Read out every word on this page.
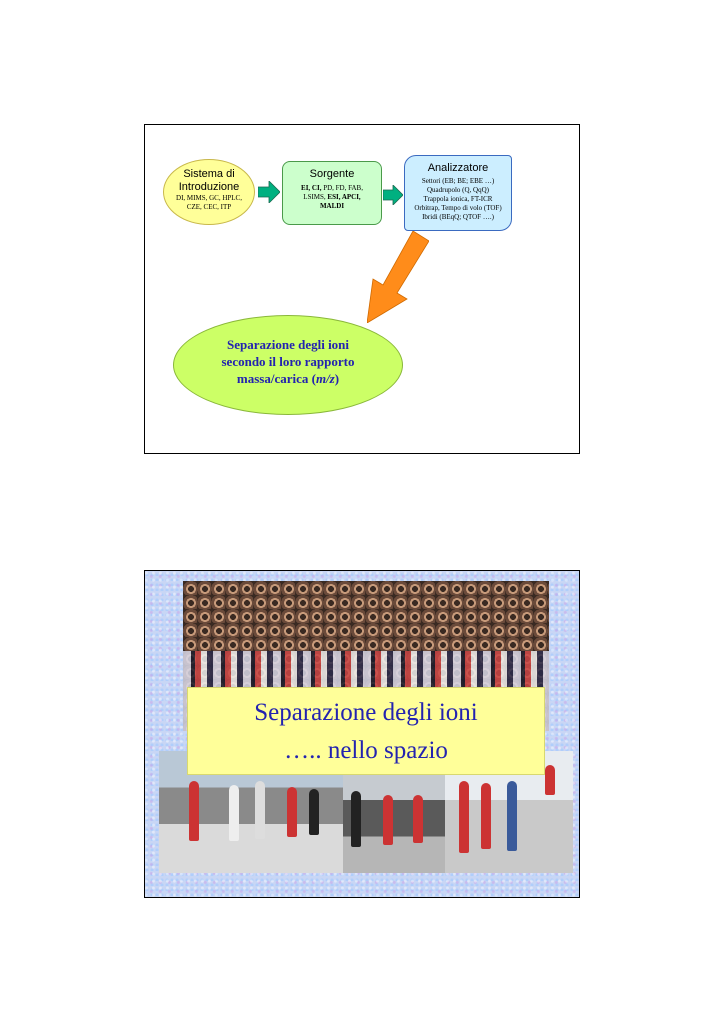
Sistema di
Introduzione
DI, MIMS, GC, HPLC,
CZE, CEC, ITP
Sorgente
EI, CI, PD, FD, FAB,
LSIMS, ESI, APCI,
MALDI
Analizzatore
Settori (EB; BE; EBE …)
Quadrupolo (Q, QqQ)
Trappola ionica, FT-ICR
Orbitrap, Tempo di volo (TOF)
Ibridi (BEqQ; QTOF ….)
Separazione degli ioni
secondo il loro rapporto
massa/carica (m/z)
Separazione degli ioni
….. nello spazio
